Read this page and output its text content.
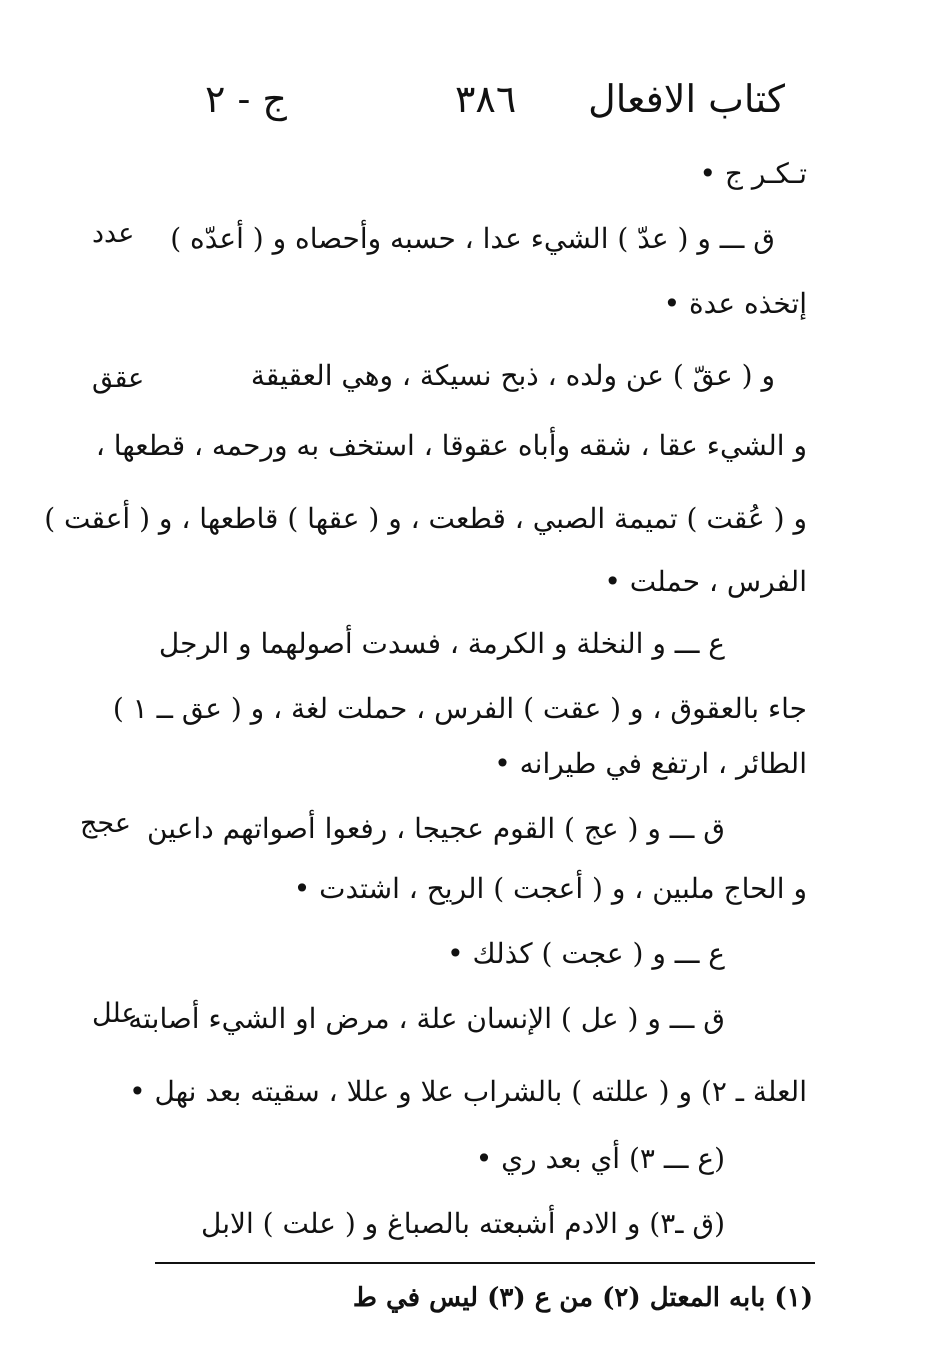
كتاب الافعال
٣٨٦
ج - ٢
عدد
عقق
عجج
علل
تـكـر ج •
ق ـــ و ( عدّ ) الشيء عدا ، حسبه وأحصاه و ( أعدّه )
إتخذه عدة •
و ( عقّ ) عن ولده ، ذبح نسيكة ، وهي العقيقة
و الشيء عقا ، شقه وأباه عقوقا ، استخف به ورحمه ، قطعها ،
و ( عُقت ) تميمة الصبي ، قطعت ، و ( عقها ) قاطعها ، و ( أعقت )
الفرس ، حملت •
ع ـــ و النخلة و الكرمة ، فسدت أصولهما و الرجل
جاء بالعقوق ، و ( عقت ) الفرس ، حملت لغة ، و ( عق ــ ١ )
الطائر ، ارتفع في طيرانه •
ق ـــ و ( عج ) القوم عجيجا ، رفعوا أصواتهم داعين
و الحاج ملبين ، و ( أعجت ) الريح ، اشتدت •
ع ـــ و ( عجت ) كذلك •
ق ـــ و ( عل ) الإنسان علة ، مرض او الشيء أصابته
العلة ـ ٢) و ( عللته ) بالشراب علا و عللا ، سقيته بعد نهل •
(ع ـــ ٣) أي بعد ري •
(ق ـ٣) و الادم أشبعته بالصباغ و ( علت ) الابل
(١) بابه المعتل (٢) من ع (٣) ليس في ط
